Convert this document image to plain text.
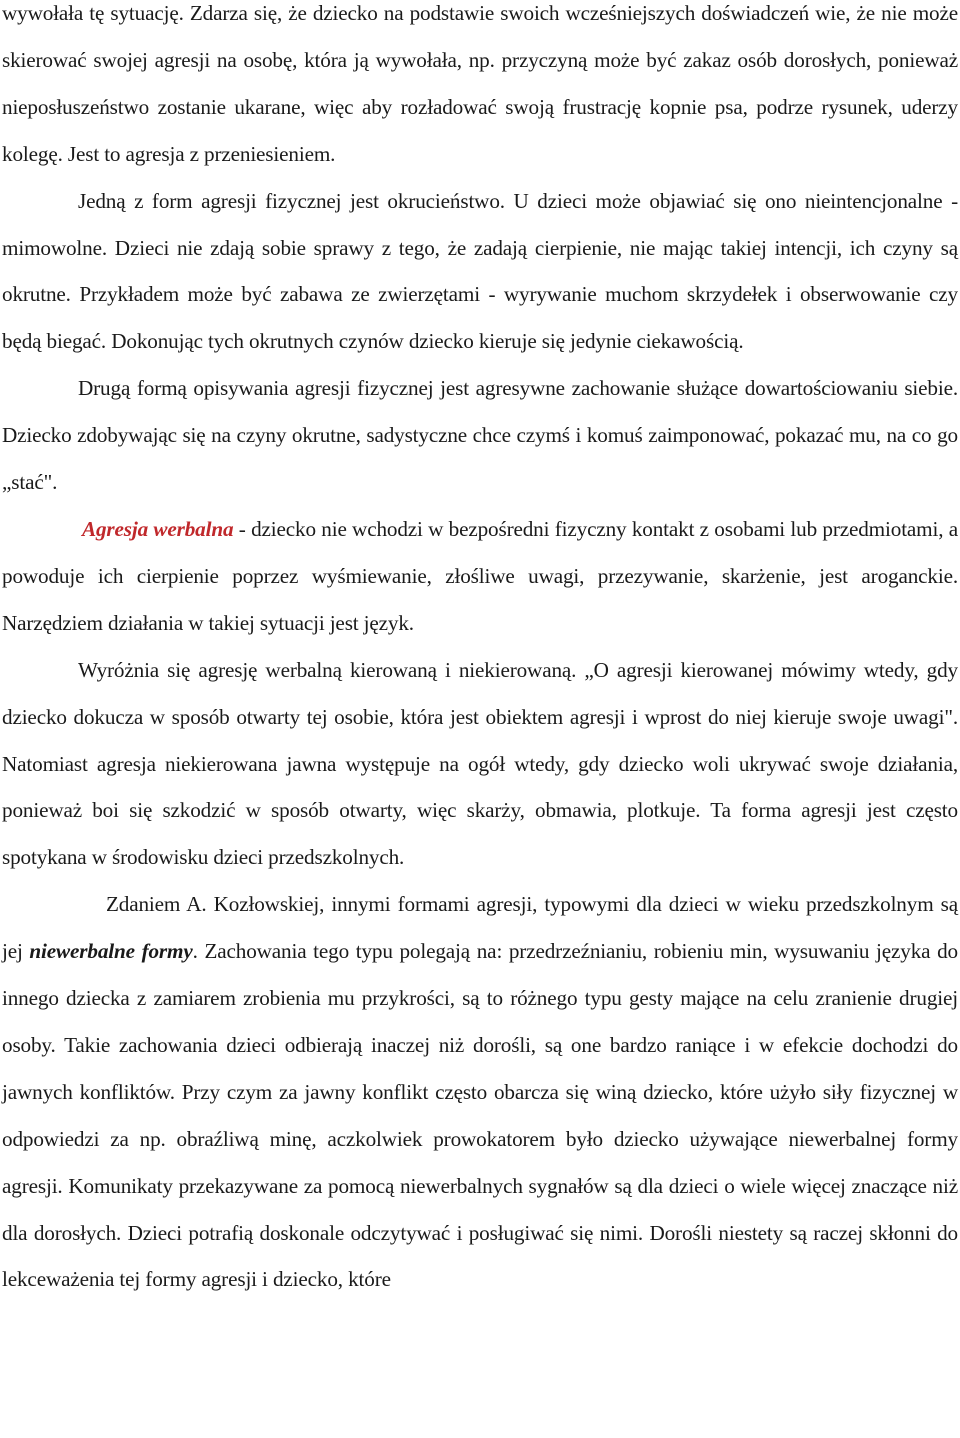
wywołała tę sytuację. Zdarza się, że dziecko na podstawie swoich wcześniejszych doświadczeń wie, że nie może skierować swojej agresji na osobę, która ją wywołała, np. przyczyną może być zakaz osób dorosłych, ponieważ nieposłuszeństwo zostanie ukarane, więc aby rozładować swoją frustrację kopnie psa, podrze rysunek, uderzy kolegę. Jest to agresja z przeniesieniem.

Jedną z form agresji fizycznej jest okrucieństwo. U dzieci może objawiać się ono nieintencjonalne - mimowolne. Dzieci nie zdają sobie sprawy z tego, że zadają cierpienie, nie mając takiej intencji, ich czyny są okrutne. Przykładem może być zabawa ze zwierzętami - wyrywanie muchom skrzydełek i obserwowanie czy będą biegać. Dokonując tych okrutnych czynów dziecko kieruje się jedynie ciekawością.

Drugą formą opisywania agresji fizycznej jest agresywne zachowanie służące dowartościowaniu siebie. Dziecko zdobywając się na czyny okrutne, sadystyczne chce czymś i komuś zaimponować, pokazać mu, na co go „stać".

Agresja werbalna - dziecko nie wchodzi w bezpośredni fizyczny kontakt z osobami lub przedmiotami, a powoduje ich cierpienie poprzez wyśmiewanie, złośliwe uwagi, przezywanie, skarżenie, jest aroganckie. Narzędziem działania w takiej sytuacji jest język.

Wyróżnia się agresję werbalną kierowaną i niekierowaną. „O agresji kierowanej mówimy wtedy, gdy dziecko dokucza w sposób otwarty tej osobie, która jest obiektem agresji i wprost do niej kieruje swoje uwagi". Natomiast agresja niekierowana jawna występuje na ogół wtedy, gdy dziecko woli ukrywać swoje działania, ponieważ boi się szkodzić w sposób otwarty, więc skarży, obmawia, plotkuje. Ta forma agresji jest często spotykana w środowisku dzieci przedszkolnych.

Zdaniem A. Kozłowskiej, innymi formami agresji, typowymi dla dzieci w wieku przedszkolnym są jej niewerbalne formy. Zachowania tego typu polegają na: przedrzeźnianiu, robieniu min, wysuwaniu języka do innego dziecka z zamiarem zrobienia mu przykrości, są to różnego typu gesty mające na celu zranienie drugiej osoby. Takie zachowania dzieci odbierają inaczej niż dorośli, są one bardzo raniące i w efekcie dochodzi do jawnych konfliktów. Przy czym za jawny konflikt często obarcza się winą dziecko, które użyło siły fizycznej w odpowiedzi za np. obraźliwą minę, aczkolwiek prowokatorem było dziecko używające niewerbalnej formy agresji. Komunikaty przekazywane za pomocą niewerbalnych sygnałów są dla dzieci o wiele więcej znaczące niż dla dorosłych. Dzieci potrafią doskonale odczytywać i posługiwać się nimi. Dorośli niestety są raczej skłonni do lekceważenia tej formy agresji i dziecko, które
